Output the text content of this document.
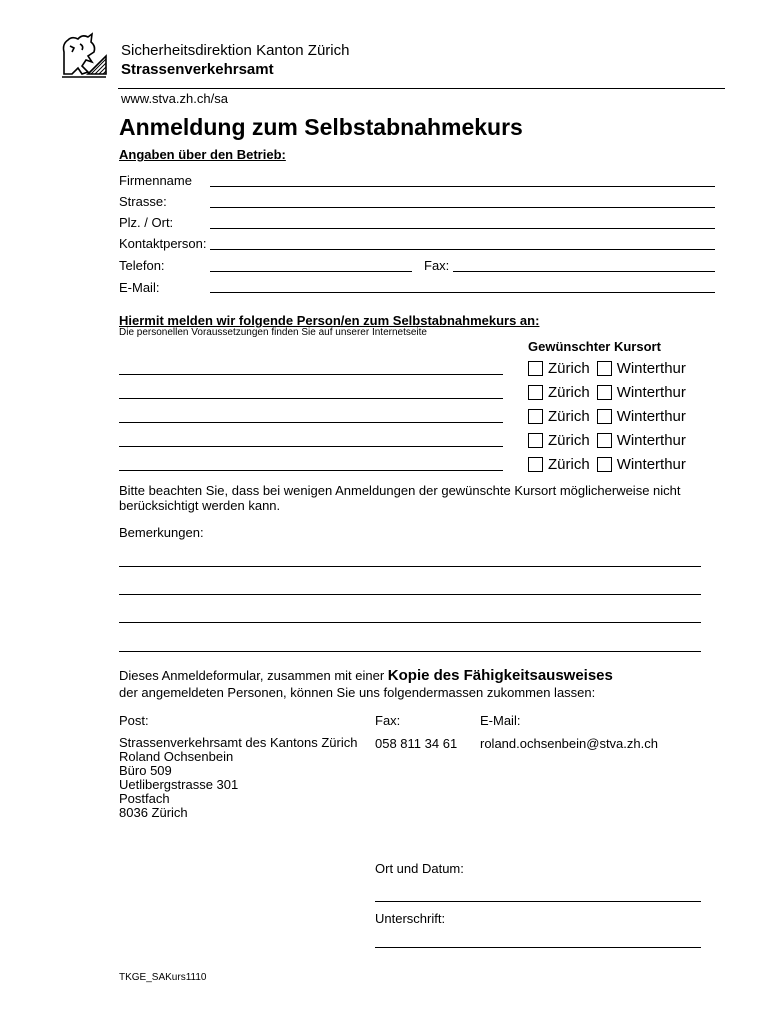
Sicherheitsdirektion Kanton Zürich
Strassenverkehrsamt
www.stva.zh.ch/sa
Anmeldung zum Selbstabnahmekurs
Angaben über den Betrieb:
Firmenname
Strasse:
Plz. / Ort:
Kontaktperson:
Telefon:	Fax:
E-Mail:
Hiermit melden wir folgende Person/en zum Selbstabnahmekurs an:
Die personellen Voraussetzungen finden Sie auf unserer Internetseite
Gewünschter Kursort
Zürich Winterthur
Zürich Winterthur
Zürich Winterthur
Zürich Winterthur
Zürich Winterthur
Bitte beachten Sie, dass bei wenigen Anmeldungen der gewünschte Kursort möglicherweise nicht berücksichtigt werden kann.
Bemerkungen:
Dieses Anmeldeformular, zusammen mit einer Kopie des Fähigkeitsausweises
der angemeldeten Personen, können Sie uns folgendermassen zukommen lassen:
Post:	Fax:	E-Mail:
Strassenverkehrsamt des Kantons Zürich
Roland Ochsenbein
Büro 509
Uetlibergstrasse 301
Postfach
8036 Zürich
058 811 34 61 roland.ochsenbein@stva.zh.ch
Ort und Datum:
Unterschrift:
TKGE_SAKurs1110
